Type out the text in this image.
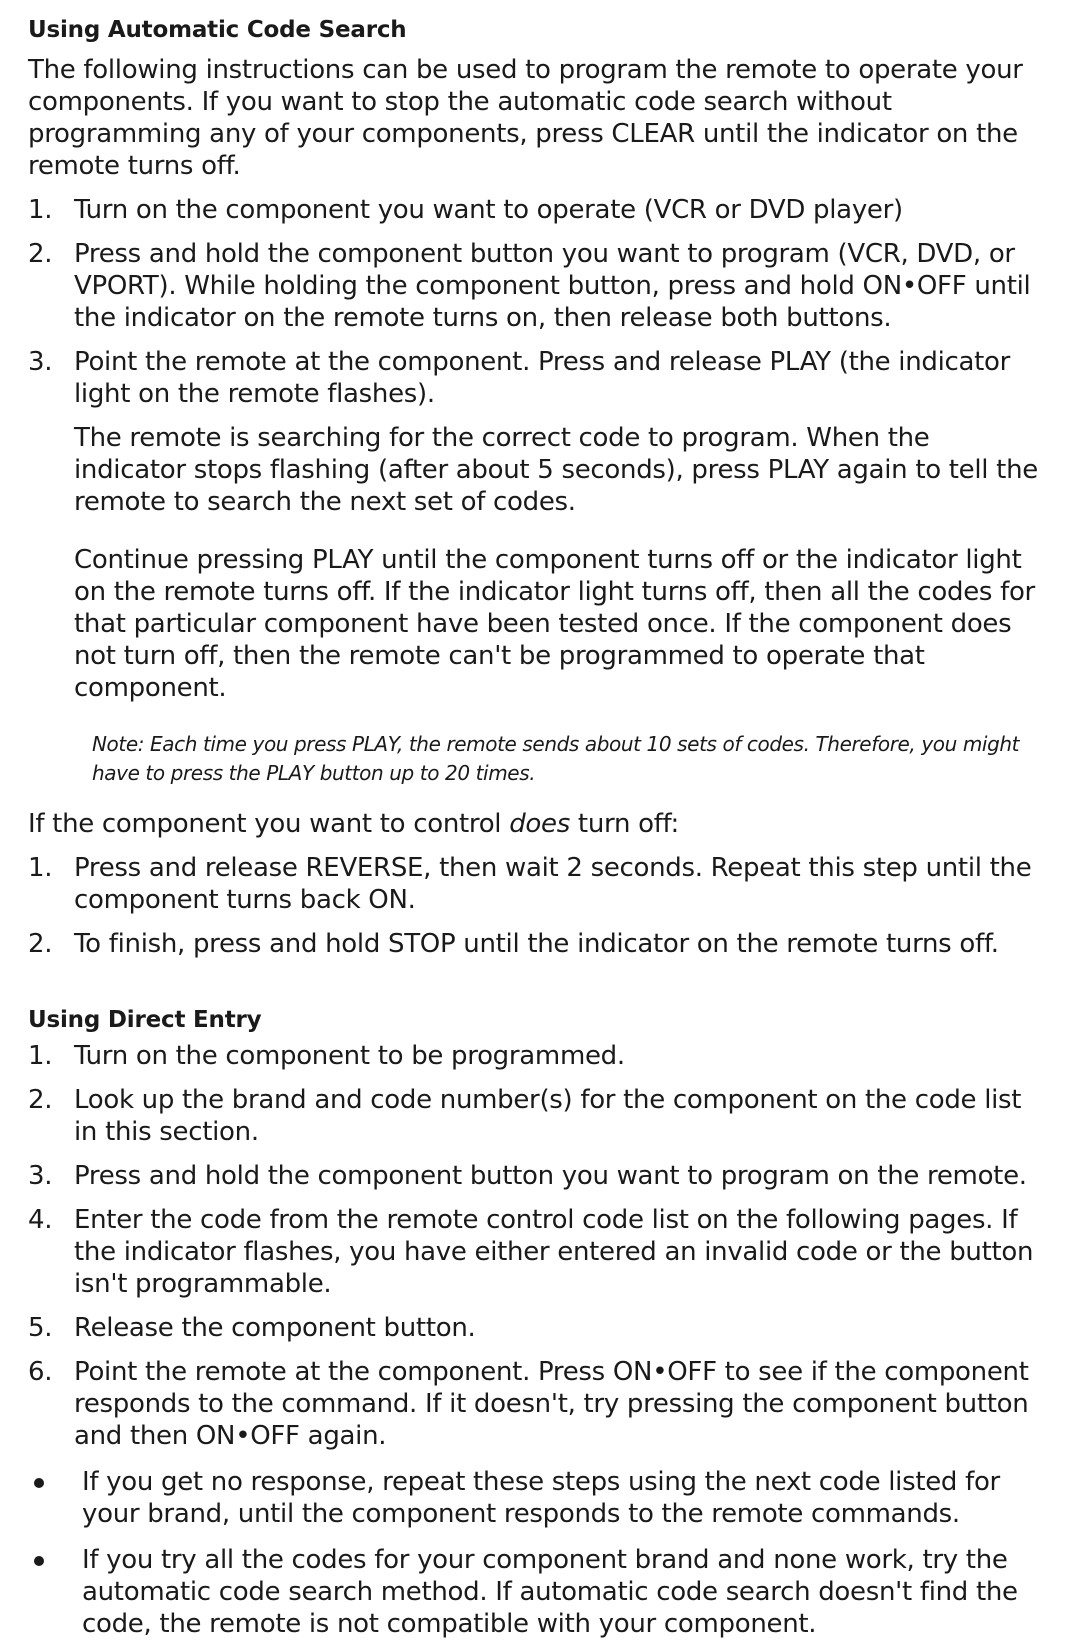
Using Automatic Code Search

The following instructions can be used to program the remote to operate your components. If you want to stop the automatic code search without programming any of your components, press CLEAR until the indicator on the remote turns off.

1. Turn on the component you want to operate (VCR or DVD player)
2. Press and hold the component button you want to program (VCR, DVD, or VPORT). While holding the component button, press and hold ON•OFF until the indicator on the remote turns on, then release both buttons.
3. Point the remote at the component. Press and release PLAY (the indicator light on the remote flashes).

The remote is searching for the correct code to program. When the indicator stops flashing (after about 5 seconds), press PLAY again to tell the remote to search the next set of codes.

Continue pressing PLAY until the component turns off or the indicator light on the remote turns off. If the indicator light turns off, then all the codes for that particular component have been tested once. If the component does not turn off, then the remote can't be programmed to operate that component.

Note: Each time you press PLAY, the remote sends about 10 sets of codes. Therefore, you might have to press the PLAY button up to 20 times.

If the component you want to control does turn off:

1. Press and release REVERSE, then wait 2 seconds. Repeat this step until the component turns back ON.
2. To finish, press and hold STOP until the indicator on the remote turns off.
Using Direct Entry
1. Turn on the component to be programmed.
2. Look up the brand and code number(s) for the component on the code list in this section.
3. Press and hold the component button you want to program on the remote.
4. Enter the code from the remote control code list on the following pages. If the indicator flashes, you have either entered an invalid code or the button isn't programmable.
5. Release the component button.
6. Point the remote at the component. Press ON•OFF to see if the component responds to the command. If it doesn't, try pressing the component button and then ON•OFF again.
If you get no response, repeat these steps using the next code listed for your brand, until the component responds to the remote commands.
If you try all the codes for your component brand and none work, try the automatic code search method. If automatic code search doesn't find the code, the remote is not compatible with your component.
